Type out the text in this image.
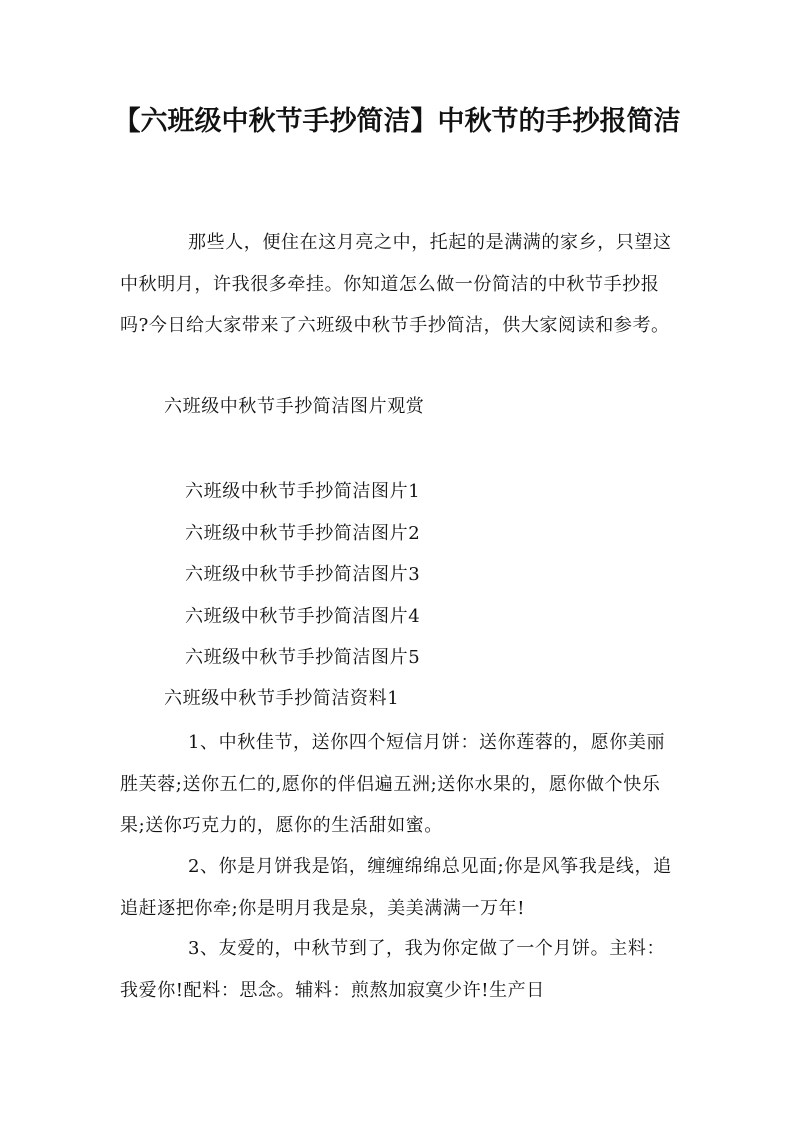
【六班级中秋节手抄简洁】中秋节的手抄报简洁

那些人，便住在这月亮之中，托起的是满满的家乡，只望这中秋明月，许我很多牵挂。你知道怎么做一份简洁的中秋节手抄报吗?今日给大家带来了六班级中秋节手抄简洁，供大家阅读和参考。

六班级中秋节手抄简洁图片观赏

六班级中秋节手抄简洁图片1
六班级中秋节手抄简洁图片2
六班级中秋节手抄简洁图片3
六班级中秋节手抄简洁图片4
六班级中秋节手抄简洁图片5

六班级中秋节手抄简洁资料1

1、中秋佳节，送你四个短信月饼：送你莲蓉的，愿你美丽胜芙蓉;送你五仁的,愿你的伴侣遍五洲;送你水果的，愿你做个快乐果;送你巧克力的，愿你的生活甜如蜜。

2、你是月饼我是馅，缠缠绵绵总见面;你是风筝我是线，追追赶逐把你牵;你是明月我是泉，美美满满一万年!

3、友爱的，中秋节到了，我为你定做了一个月饼。主料：我爱你!配料：思念。辅料：煎熬加寂寞少许!生产日
